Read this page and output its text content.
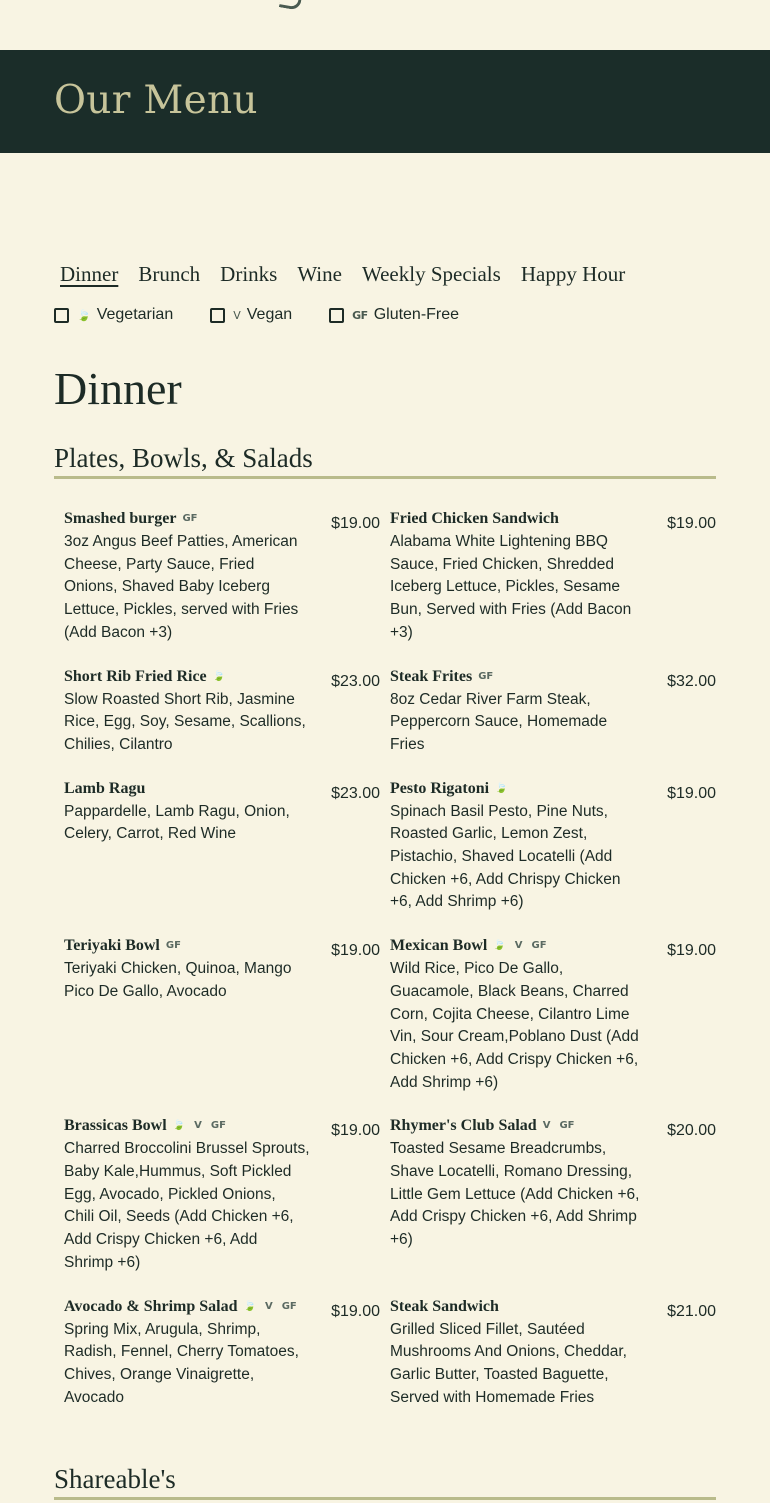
Our Menu
Dinner Brunch Drinks Wine Weekly Specials Happy Hour
🍃 Vegetarian	V Vegan	GF Gluten-Free
Dinner
Plates, Bowls, & Salads
Smashed burger GF
3oz Angus Beef Patties, American Cheese, Party Sauce, Fried Onions, Shaved Baby Iceberg Lettuce, Pickles, served with Fries (Add Bacon +3)
$19.00 Fried Chicken Sandwich
Alabama White Lightening BBQ Sauce, Fried Chicken, Shredded Iceberg Lettuce, Pickles, Sesame Bun, Served with Fries (Add Bacon +3)
$19.00
Short Rib Fried Rice 🍃
Slow Roasted Short Rib, Jasmine Rice, Egg, Soy, Sesame, Scallions, Chilies, Cilantro
$23.00 Steak Frites GF
8oz Cedar River Farm Steak, Peppercorn Sauce, Homemade Fries
$32.00
Lamb Ragu
Pappardelle, Lamb Ragu, Onion, Celery, Carrot, Red Wine
$23.00 Pesto Rigatoni 🍃
Spinach Basil Pesto, Pine Nuts, Roasted Garlic, Lemon Zest, Pistachio, Shaved Locatelli (Add Chicken +6, Add Chrispy Chicken +6, Add Shrimp +6)
$19.00
Teriyaki Bowl GF
Teriyaki Chicken, Quinoa, Mango Pico De Gallo, Avocado
$19.00 Mexican Bowl 🍃 V GF
Wild Rice, Pico De Gallo, Guacamole, Black Beans, Charred Corn, Cojita Cheese, Cilantro Lime Vin, Sour Cream,Poblano Dust (Add Chicken +6, Add Crispy Chicken +6, Add Shrimp +6)
$19.00
Brassicas Bowl 🍃 V GF
Charred Broccolini Brussel Sprouts, Baby Kale,Hummus, Soft Pickled Egg, Avocado, Pickled Onions, Chili Oil, Seeds (Add Chicken +6, Add Crispy Chicken +6, Add Shrimp +6)
$19.00 Rhymer's Club Salad V GF
Toasted Sesame Breadcrumbs, Shave Locatelli, Romano Dressing, Little Gem Lettuce (Add Chicken +6, Add Crispy Chicken +6, Add Shrimp +6)
$20.00
Avocado & Shrimp Salad 🍃 V GF
Spring Mix, Arugula, Shrimp, Radish, Fennel, Cherry Tomatoes, Chives, Orange Vinaigrette, Avocado
$19.00 Steak Sandwich
Grilled Sliced Fillet, Sautéed Mushrooms And Onions, Cheddar, Garlic Butter, Toasted Baguette, Served with Homemade Fries
$21.00
Shareable's
